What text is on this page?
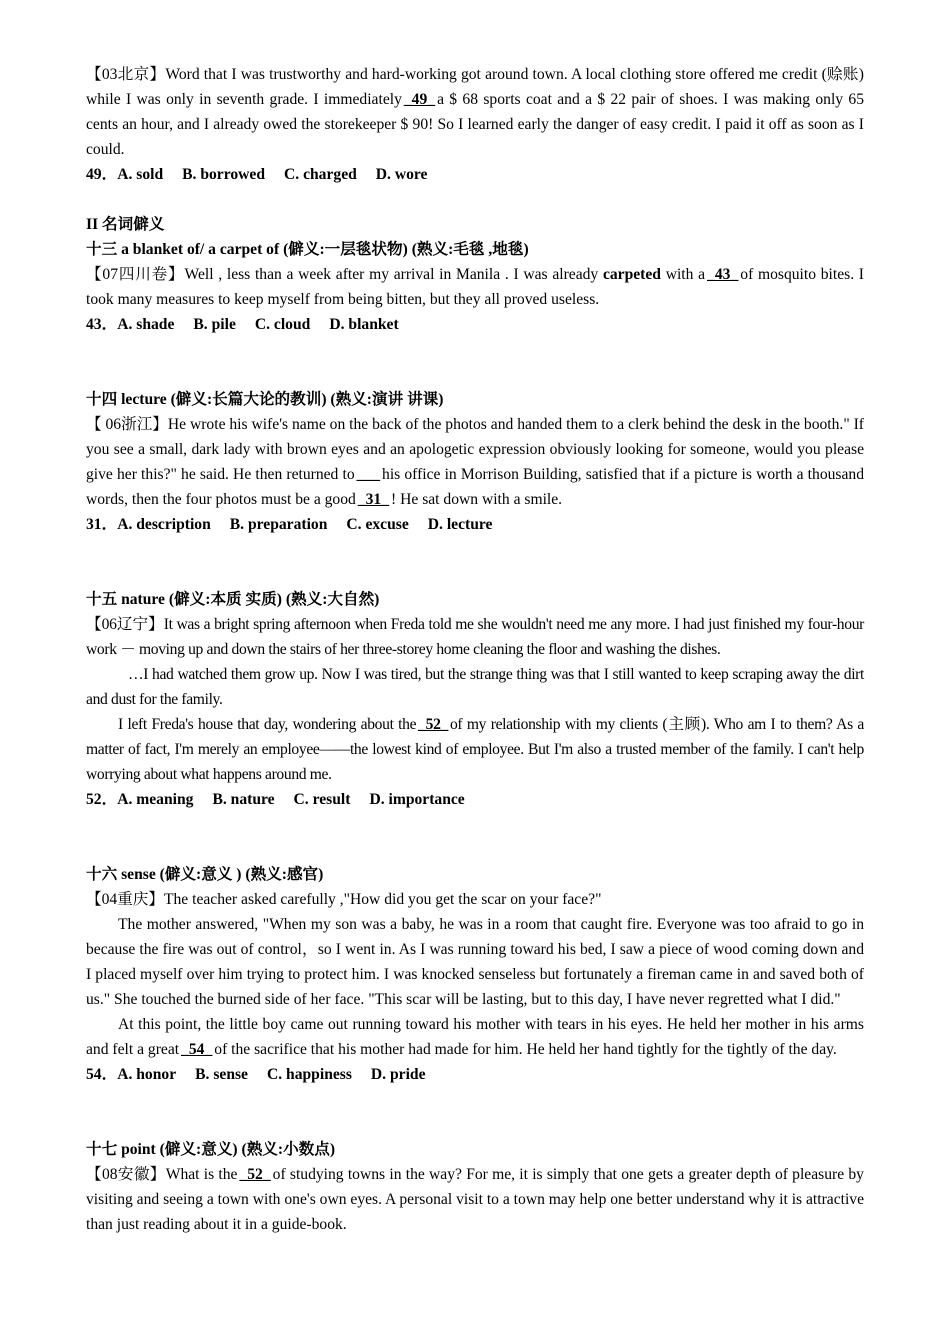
【03北京】Word that I was trustworthy and hard-working got around town. A local clothing store offered me credit (赊账) while I was only in seventh grade. I immediately _49_ a $ 68 sports coat and a $ 22 pair of shoes. I was making only 65 cents an hour, and I already owed the storekeeper $ 90! So I learned early the danger of easy credit. I paid it off as soon as I could.

49．A. sold B. borrowed C. charged D. wore

II 名词僻义

十三 a blanket of/ a carpet of (僻义:一层毯状物) (熟义:毛毯 ,地毯)

【07四川卷】Well , less than a week after my arrival in Manila . I was already carpeted with a _43_ of mosquito bites. I took many measures to keep myself from being bitten, but they all proved useless.

43．A. shade B. pile C. cloud D. blanket

十四 lecture (僻义:长篇大论的教训) (熟义:演讲 讲课)

【 06浙江】He wrote his wife's name on the back of the photos and handed them to a clerk behind the desk in the booth." If you see a small, dark lady with brown eyes and an apologetic expression obviously looking for someone, would you please give her this?" he said. He then returned to ___ his office in Morrison Building, satisfied that if a picture is worth a thousand words, then the four photos must be a good _31_ ! He sat down with a smile.

31．A. description B. preparation C. excuse D. lecture

十五 nature (僻义:本质 实质) (熟义:大自然)

【06辽宁】It was a bright spring afternoon when Freda told me she wouldn't need me any more. I had just finished my four-hour work － moving up and down the stairs of her three-storey home cleaning the floor and washing the dishes.

…I had watched them grow up. Now I was tired, but the strange thing was that I still wanted to keep scraping away the dirt and dust for the family.

I left Freda's house that day, wondering about the _52_ of my relationship with my clients (主顾). Who am I to them? As a matter of fact, I'm merely an employee——the lowest kind of employee. But I'm also a trusted member of the family. I can't help worrying about what happens around me.

52．A. meaning B. nature C. result D. importance

十六 sense (僻义:意义 ) (熟义:感官)

【04重庆】The teacher asked carefully ,"How did you get the scar on your face?"

The mother answered, "When my son was a baby, he was in a room that caught fire. Everyone was too afraid to go in because the fire was out of control，so I went in. As I was running toward his bed, I saw a piece of wood coming down and I placed myself over him trying to protect him. I was knocked senseless but fortunately a fireman came in and saved both of us." She touched the burned side of her face. "This scar will be lasting, but to this day, I have never regretted what I did."

At this point, the little boy came out running toward his mother with tears in his eyes. He held her mother in his arms and felt a great _54_ of the sacrifice that his mother had made for him. He held her hand tightly for the tightly of the day.

54．A. honor B. sense C. happiness D. pride

十七 point (僻义:意义) (熟义:小数点)

【08安徽】What is the _52_ of studying towns in the way? For me, it is simply that one gets a greater depth of pleasure by visiting and seeing a town with one's own eyes. A personal visit to a town may help one better understand why it is attractive than just reading about it in a guide-book.
